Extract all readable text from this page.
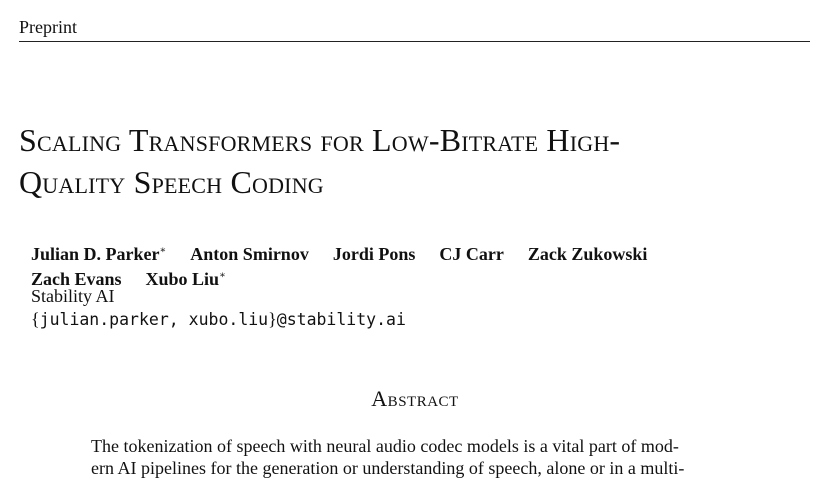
Preprint
Scaling Transformers for Low-Bitrate High-
Quality Speech Coding
Julian D. Parker∗ Anton Smirnov Jordi Pons CJ Carr Zack Zukowski
Zach Evans Xubo Liu∗
Stability AI
{julian.parker, xubo.liu}@stability.ai
Abstract
The tokenization of speech with neural audio codec models is a vital part of mod-
ern AI pipelines for the generation or understanding of speech, alone or in a multi-
